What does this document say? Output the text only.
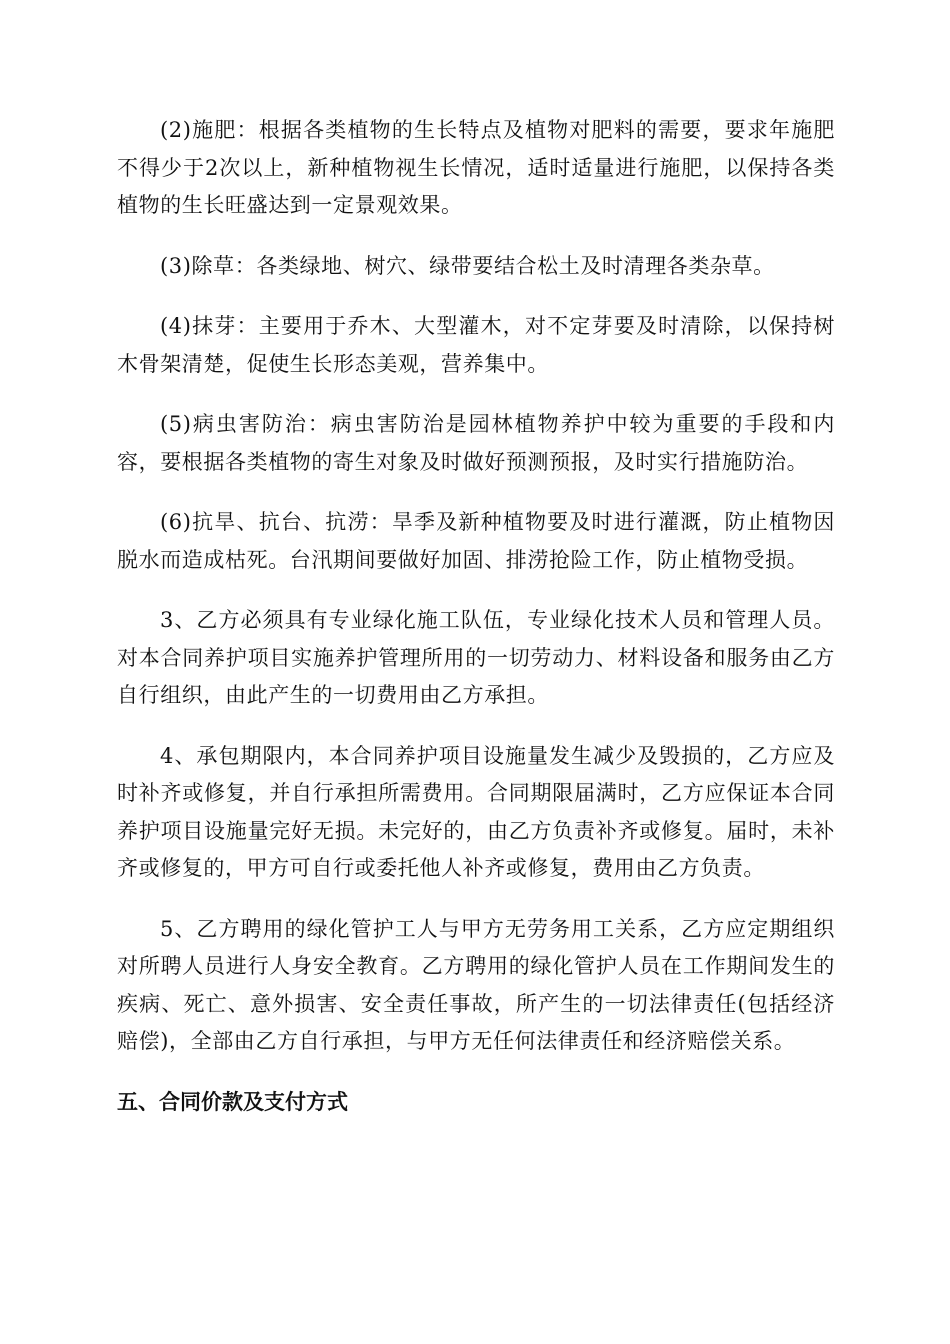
(2)施肥：根据各类植物的生长特点及植物对肥料的需要，要求年施肥不得少于2次以上，新种植物视生长情况，适时适量进行施肥，以保持各类植物的生长旺盛达到一定景观效果。

(3)除草：各类绿地、树穴、绿带要结合松土及时清理各类杂草。

(4)抹芽：主要用于乔木、大型灌木，对不定芽要及时清除，以保持树木骨架清楚，促使生长形态美观，营养集中。

(5)病虫害防治：病虫害防治是园林植物养护中较为重要的手段和内容，要根据各类植物的寄生对象及时做好预测预报，及时实行措施防治。

(6)抗旱、抗台、抗涝：旱季及新种植物要及时进行灌溉，防止植物因脱水而造成枯死。台汛期间要做好加固、排涝抢险工作，防止植物受损。

3、乙方必须具有专业绿化施工队伍，专业绿化技术人员和管理人员。对本合同养护项目实施养护管理所用的一切劳动力、材料设备和服务由乙方自行组织，由此产生的一切费用由乙方承担。

4、承包期限内，本合同养护项目设施量发生减少及毁损的，乙方应及时补齐或修复，并自行承担所需费用。合同期限届满时，乙方应保证本合同养护项目设施量完好无损。未完好的，由乙方负责补齐或修复。届时，未补齐或修复的，甲方可自行或委托他人补齐或修复，费用由乙方负责。

5、乙方聘用的绿化管护工人与甲方无劳务用工关系，乙方应定期组织对所聘人员进行人身安全教育。乙方聘用的绿化管护人员在工作期间发生的疾病、死亡、意外损害、安全责任事故，所产生的一切法律责任(包括经济赔偿)，全部由乙方自行承担，与甲方无任何法律责任和经济赔偿关系。

五、合同价款及支付方式
